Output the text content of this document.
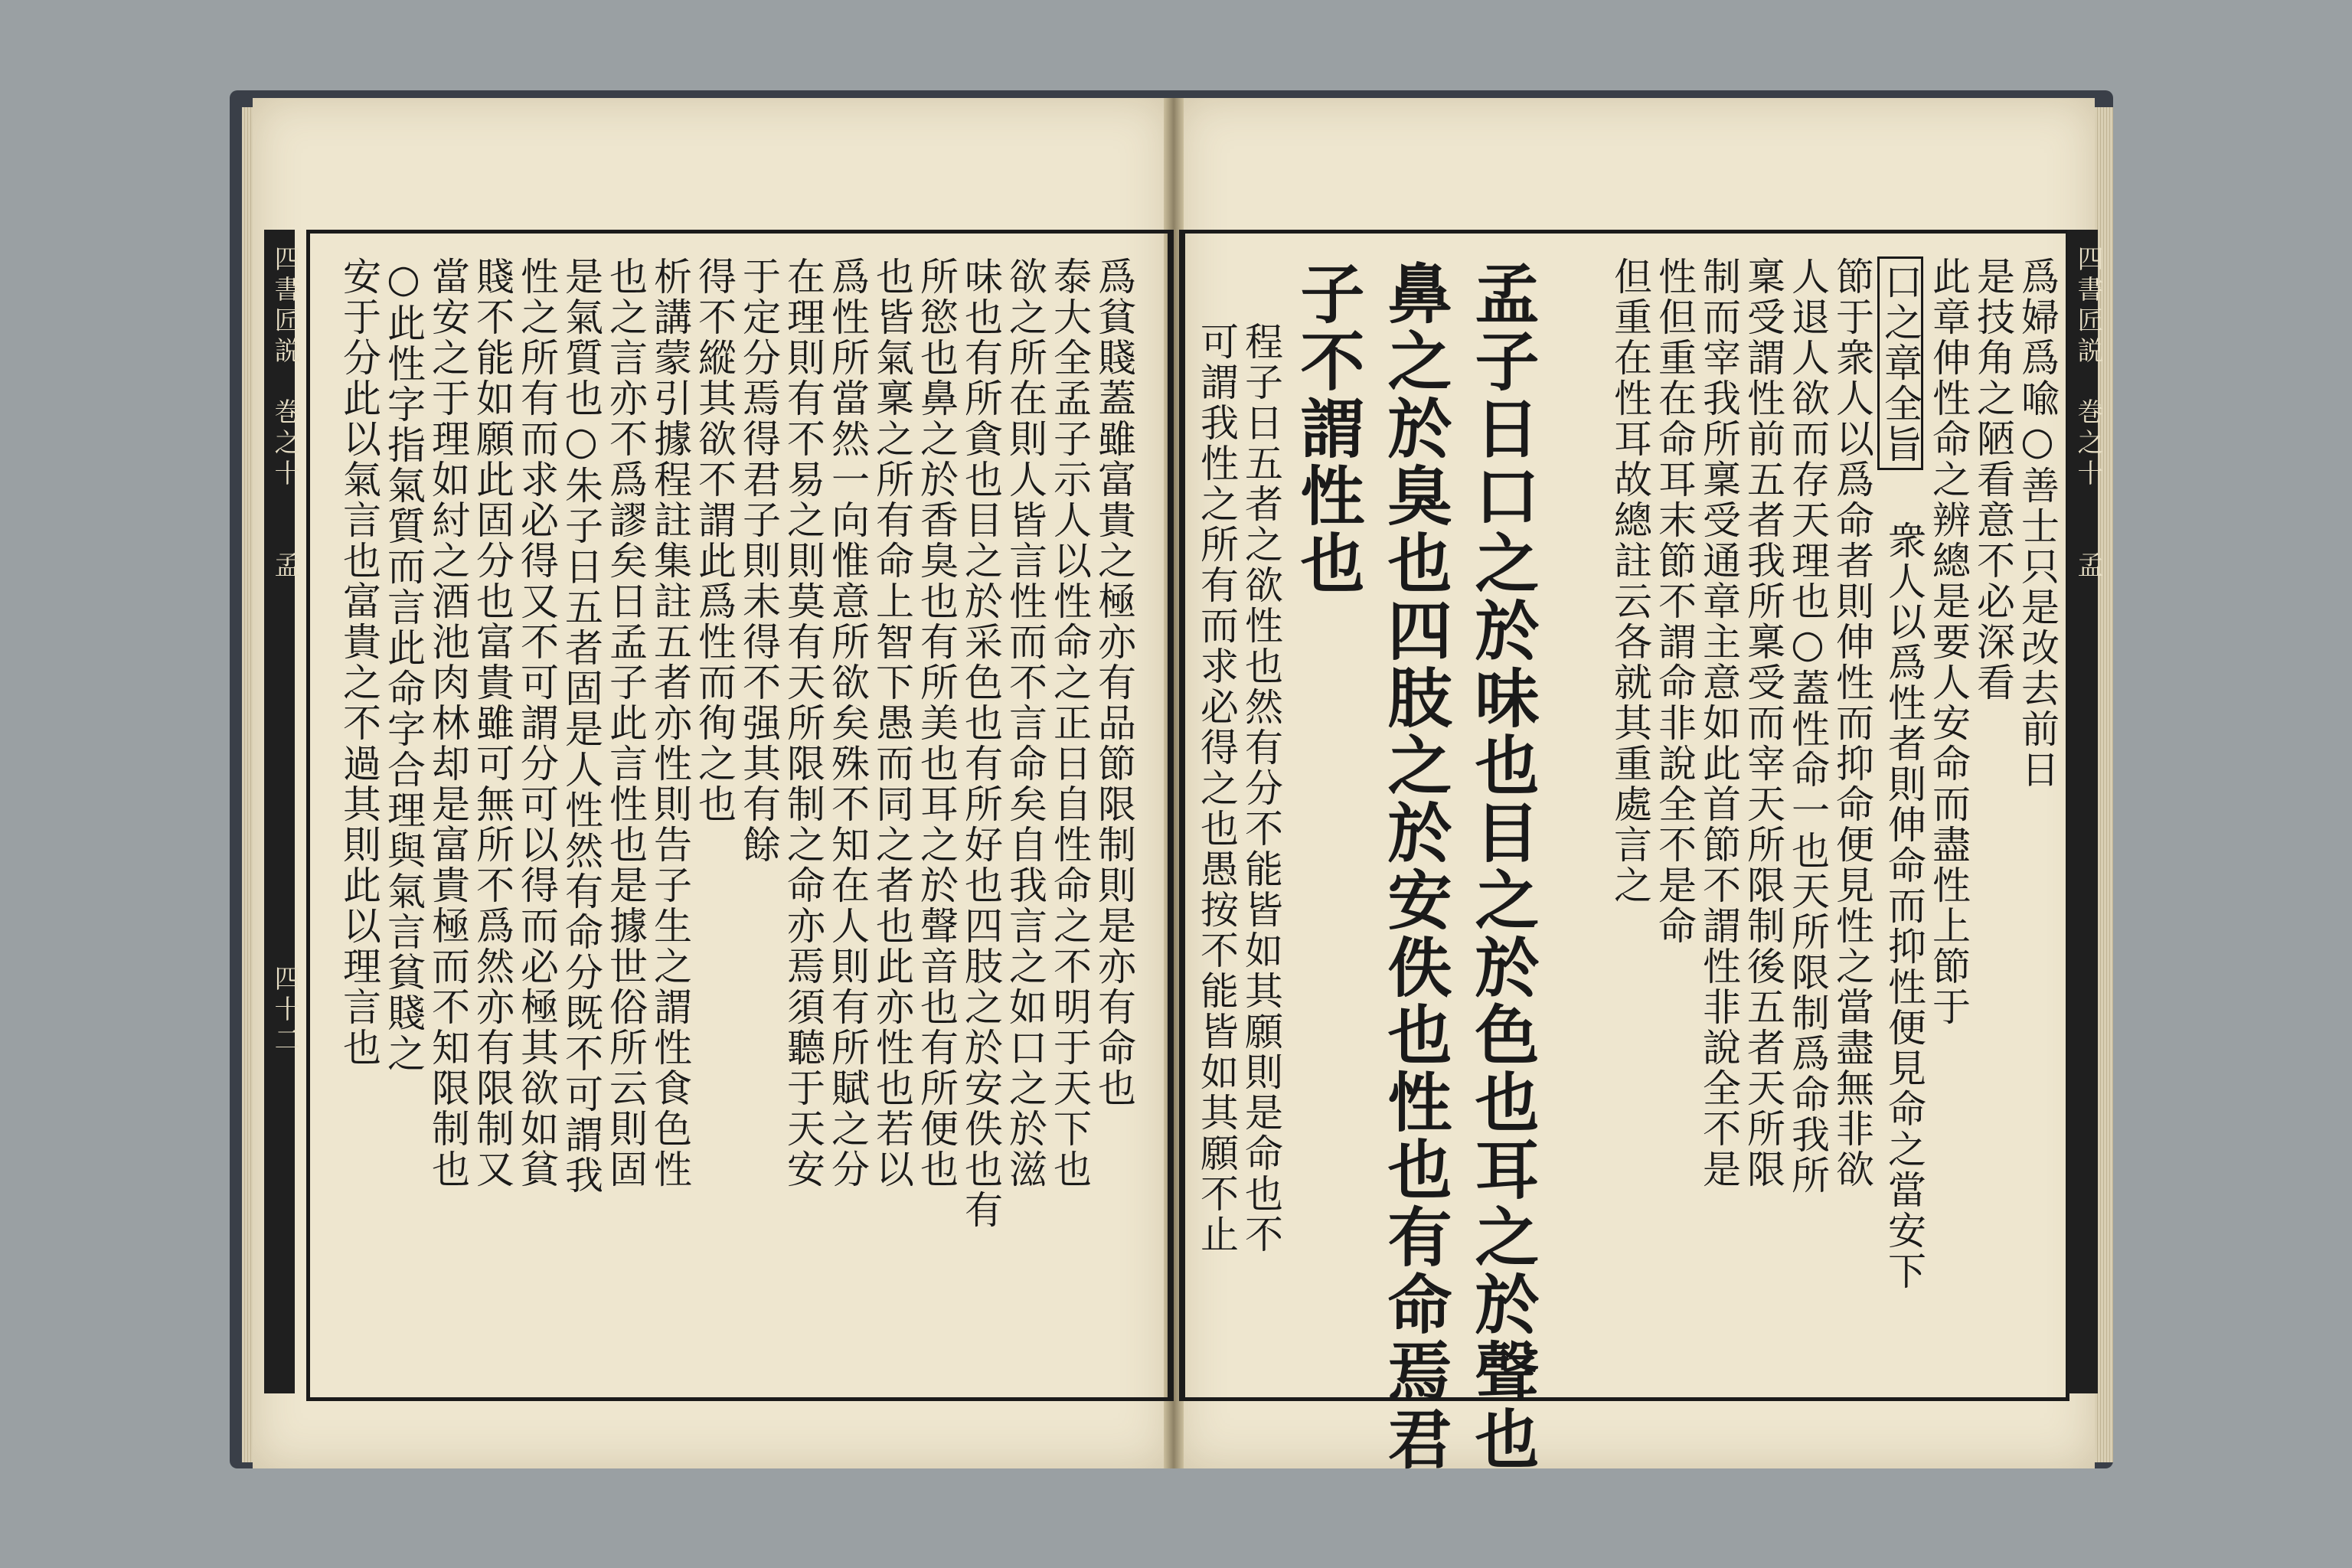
四書匠説
巻之十
孟
四十二	爲貧賤蓋雖富貴之極亦有品節限制則是亦有命也
泰大全孟子示人以性命之正日自性命之不明于天下也
欲之所在則人皆言性而不言命矣自我言之如口之於滋
味也有所貪也目之於采色也有所好也四肢之於安佚也有
所慾也鼻之於香臭也有所美也耳之於聲音也有所便也
也皆氣稟之所有命上智下愚而同之者也此亦性也若以
爲性所當然一向惟意所欲矣殊不知在人則有所賦之分
在理則有不易之則莫有天所限制之命亦焉須聽于天安
于定分焉得君子則未得不强其有餘
得不縱其欲不謂此爲性而徇之也
析講蒙引據程註集註五者亦性則告子生之謂性食色性
也之言亦不爲謬矣日孟子此言性也是據世俗所云則固
是氣質也○朱子日五者固是人性然有命分既不可謂我
性之所有而求必得又不可謂分可以得而必極其欲如貧
賤不能如願此固分也富貴雖可無所不爲然亦有限制又
當安之于理如紂之酒池肉林却是富貴極而不知限制也
○此性字指氣質而言此命字合理與氣言貧賤之
安于分此以氣言也富貴之不過其則此以理言也	四書匠説
巻之十
孟
爲婦爲喩○善士只是改去前日
是技角之陋看意不必深看
口之章全旨 此章伸性命之辨總是要人安命而盡性上節于
衆人以爲性者則伸命而抑性便見命之當安下
節于衆人以爲命者則伸性而抑命便見性之當盡無非欲
人退人欲而存天理也○蓋性命一也天所限制爲命我所
稟受謂性前五者我所稟受而宰天所限制後五者天所限
制而宰我所稟受通章主意如此首節不謂性非說全不是
性但重在命耳末節不謂命非說全不是命
但重在性耳故總註云各就其重處言之
孟子日口之於味也目之於色也耳之於聲也
鼻之於臭也四肢之於安佚也性也有命焉君
子不謂性也
程子日五者之欲性也然有分不能皆如其願則是命也不
可謂我性之所有而求必得之也愚按不能皆如其願不止
